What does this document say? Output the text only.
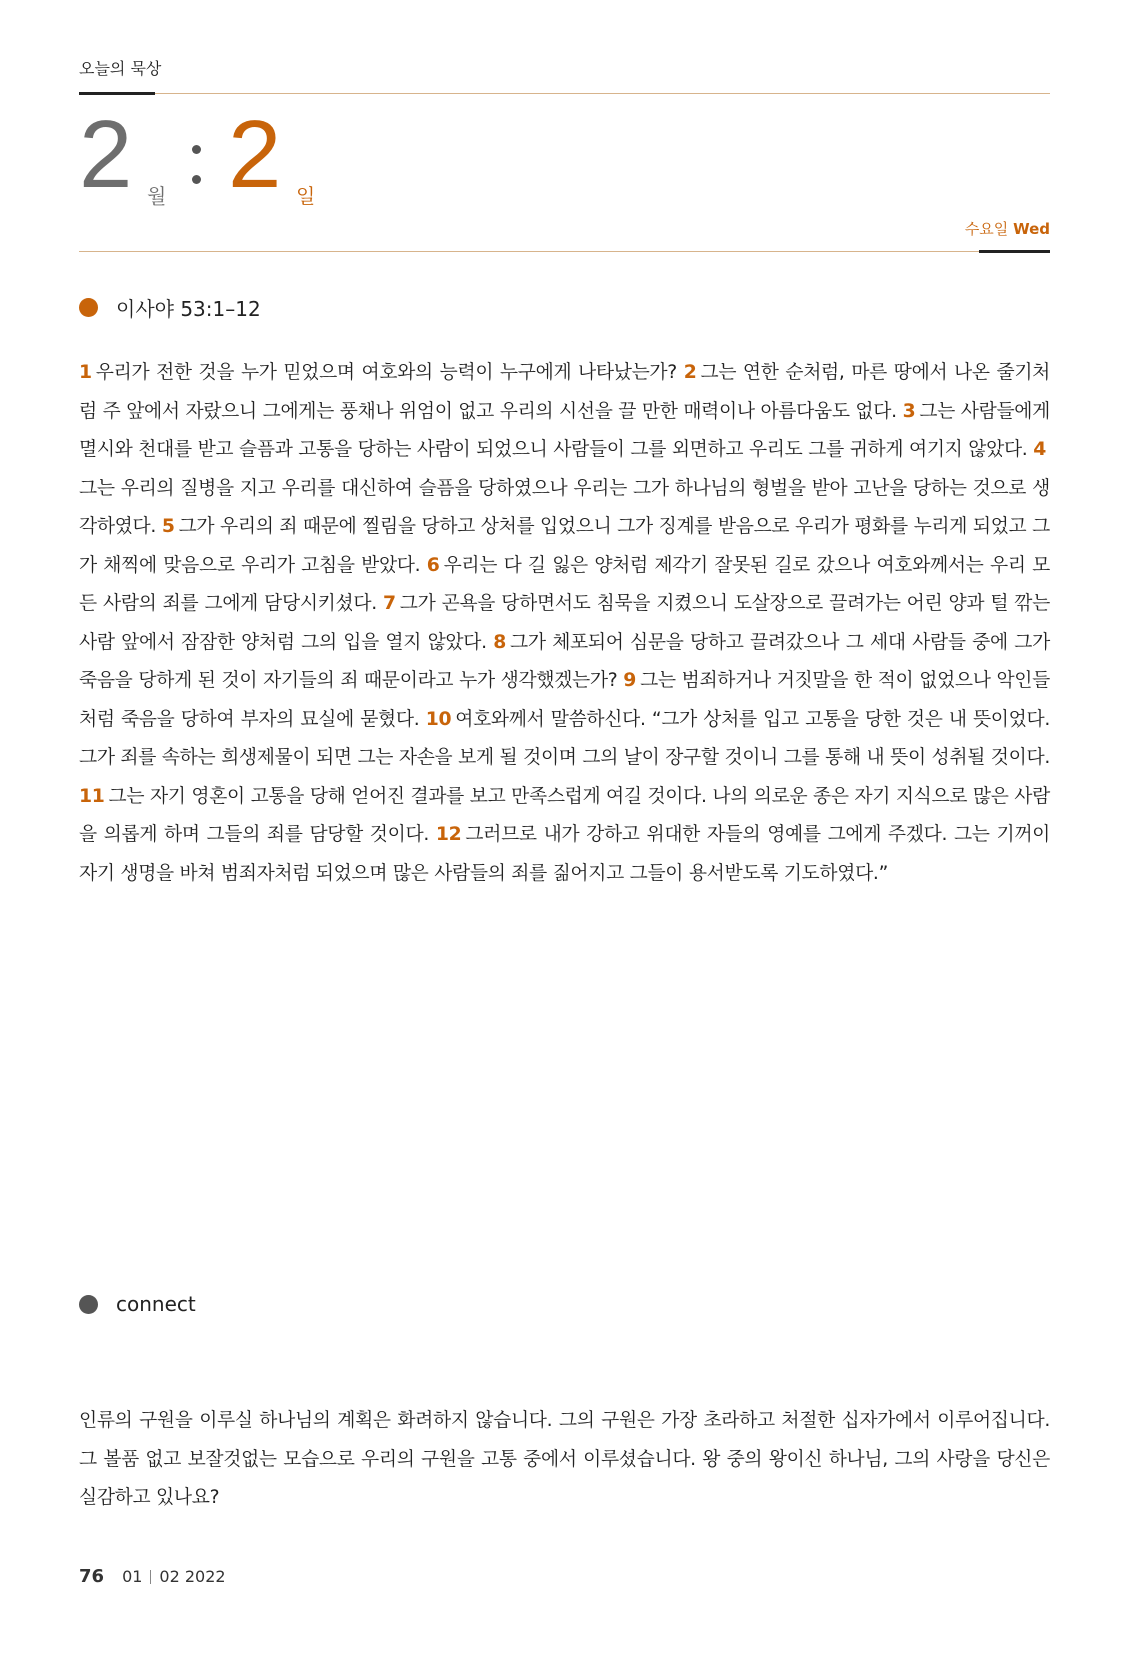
오늘의 묵상
2 월 2 일
수요일 Wed
이사야 53:1–12
1 우리가 전한 것을 누가 믿었으며 여호와의 능력이 누구에게 나타났는가? 2 그는 연한 순처럼, 마른 땅에서 나온 줄기처럼 주 앞에서 자랐으니 그에게는 풍채나 위엄이 없고 우리의 시선을 끌 만한 매력이나 아름다움도 없다. 3 그는 사람들에게 멸시와 천대를 받고 슬픔과 고통을 당하는 사람이 되었으니 사람들이 그를 외면하고 우리도 그를 귀하게 여기지 않았다. 4그는 우리의 질병을 지고 우리를 대신하여 슬픔을 당하였으나 우리는 그가 하나님의 형벌을 받아 고난을 당하는 것으로 생각하였다. 5 그가 우리의 죄 때문에 찔림을 당하고 상처를 입었으니 그가 징계를 받음으로 우리가 평화를 누리게 되었고 그가 채찍에 맞음으로 우리가 고침을 받았다. 6 우리는 다 길 잃은 양처럼 제각기 잘못된 길로 갔으나 여호와께서는 우리 모든 사람의 죄를 그에게 담당시키셨다. 7 그가 곤욕을 당하면서도 침묵을 지켰으니 도살장으로 끌려가는 어린 양과 털 깎는 사람 앞에서 잠잠한 양처럼 그의 입을 열지 않았다. 8 그가 체포되어 심문을 당하고 끌려갔으나 그 세대 사람들 중에 그가 죽음을 당하게 된 것이 자기들의 죄 때문이라고 누가 생각했겠는가? 9 그는 범죄하거나 거짓말을 한 적이 없었으나 악인들처럼 죽음을 당하여 부자의 묘실에 묻혔다. 10 여호와께서 말씀하신다. “그가 상처를 입고 고통을 당한 것은 내 뜻이었다. 그가 죄를 속하는 희생제물이 되면 그는 자손을 보게 될 것이며 그의 날이 장구할 것이니 그를 통해 내 뜻이 성취될 것이다. 11 그는 자기 영혼이 고통을 당해 얻어진 결과를 보고 만족스럽게 여길 것이다. 나의 의로운 종은 자기 지식으로 많은 사람을 의롭게 하며 그들의 죄를 담당할 것이다. 12 그러므로 내가 강하고 위대한 자들의 영예를 그에게 주겠다. 그는 기꺼이 자기 생명을 바쳐 범죄자처럼 되었으며 많은 사람들의 죄를 짊어지고 그들이 용서받도록 기도하였다.”
connect
인류의 구원을 이루실 하나님의 계획은 화려하지 않습니다. 그의 구원은 가장 초라하고 처절한 십자가에서 이루어집니다. 그 볼품 없고 보잘것없는 모습으로 우리의 구원을 고통 중에서 이루셨습니다. 왕 중의 왕이신 하나님, 그의 사랑을 당신은 실감하고 있나요?
76 01 02 2022
